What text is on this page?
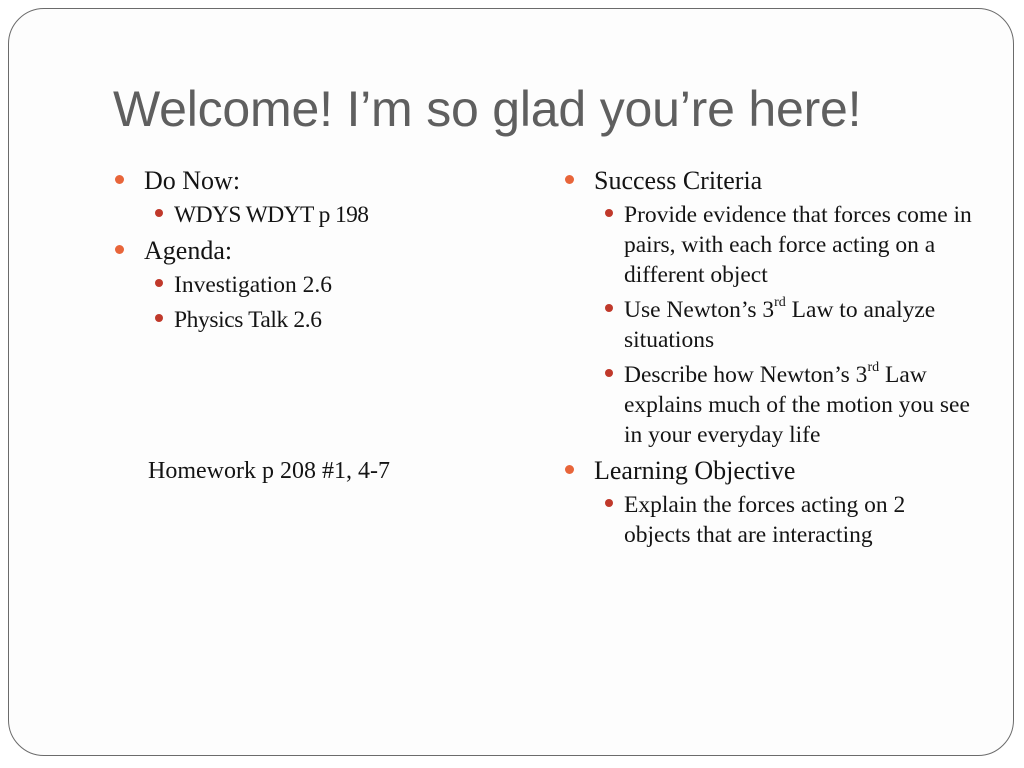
Welcome! I’m so glad you’re here!
Do Now:
WDYS WDYT p 198
Agenda:
Investigation 2.6
Physics Talk 2.6
Homework p 208 #1, 4-7
Success Criteria
Provide evidence that forces come in pairs, with each force acting on a different object
Use Newton’s 3rd Law to analyze situations
Describe how Newton’s 3rd Law explains much of the motion you see in your everyday life
Learning Objective
Explain the forces acting on 2 objects that are interacting
